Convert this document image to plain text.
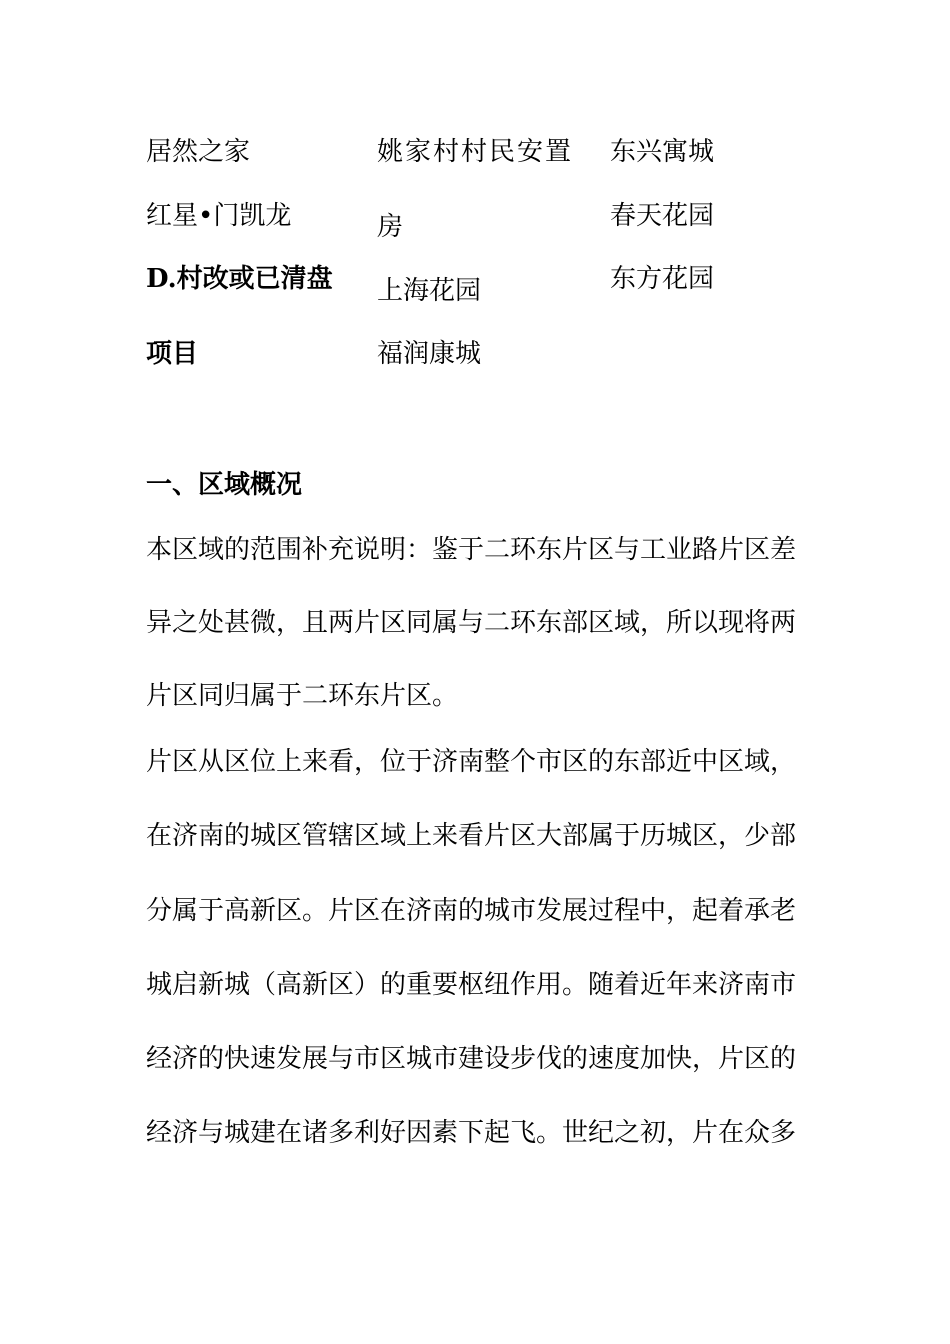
居然之家
红星•门凯龙
D.村改或已清盘
项目
姚家村村民安置
房
上海花园
福润康城
东兴寓城
春天花园
东方花园
一、区域概况
本区域的范围补充说明：鉴于二环东片区与工业路片区差
异之处甚微，且两片区同属与二环东部区域，所以现将两
片区同归属于二环东片区。
片区从区位上来看，位于济南整个市区的东部近中区域，
在济南的城区管辖区域上来看片区大部属于历城区，少部
分属于高新区。片区在济南的城市发展过程中，起着承老
城启新城（高新区）的重要枢纽作用。随着近年来济南市
经济的快速发展与市区城市建设步伐的速度加快，片区的
经济与城建在诸多利好因素下起飞。世纪之初，片在众多
